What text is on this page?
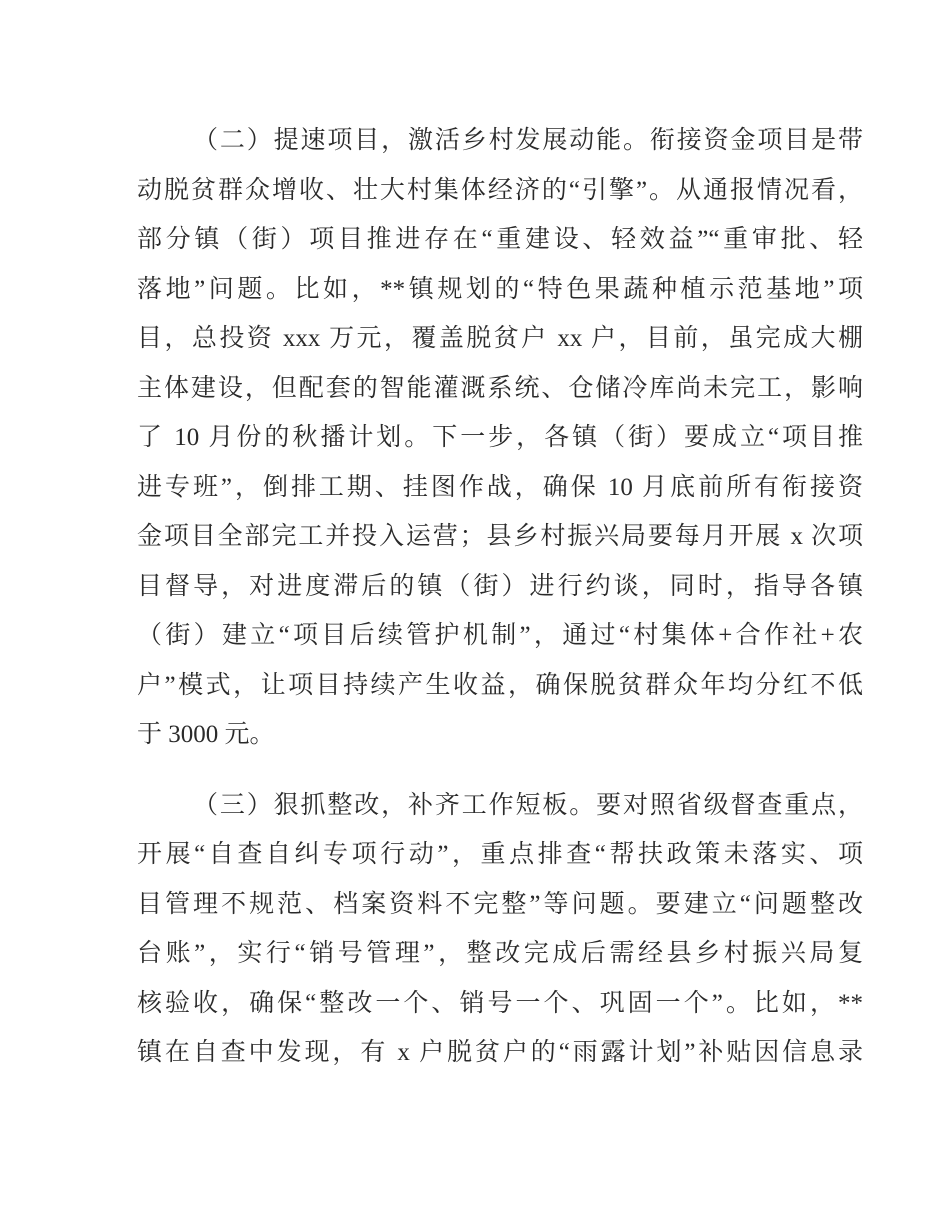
（二）提速项目，激活乡村发展动能。衔接资金项目是带
动脱贫群众增收、壮大村集体经济的“引擎”。从通报情况看，
部分镇（街）项目推进存在“重建设、轻效益”“重审批、轻
落地”问题。比如，**镇规划的“特色果蔬种植示范基地”项
目，总投资 xxx 万元，覆盖脱贫户 xx 户，目前，虽完成大棚
主体建设，但配套的智能灌溉系统、仓储冷库尚未完工，影响
了 10 月份的秋播计划。下一步，各镇（街）要成立“项目推
进专班”，倒排工期、挂图作战，确保 10 月底前所有衔接资
金项目全部完工并投入运营；县乡村振兴局要每月开展 x 次项
目督导，对进度滞后的镇（街）进行约谈，同时，指导各镇
（街）建立“项目后续管护机制”，通过“村集体+合作社+农
户”模式，让项目持续产生收益，确保脱贫群众年均分红不低
于 3000 元。
（三）狠抓整改，补齐工作短板。要对照省级督查重点，
开展“自查自纠专项行动”，重点排查“帮扶政策未落实、项
目管理不规范、档案资料不完整”等问题。要建立“问题整改
台账”，实行“销号管理”，整改完成后需经县乡村振兴局复
核验收，确保“整改一个、销号一个、巩固一个”。比如，**
镇在自查中发现，有 x 户脱贫户的“雨露计划”补贴因信息录
